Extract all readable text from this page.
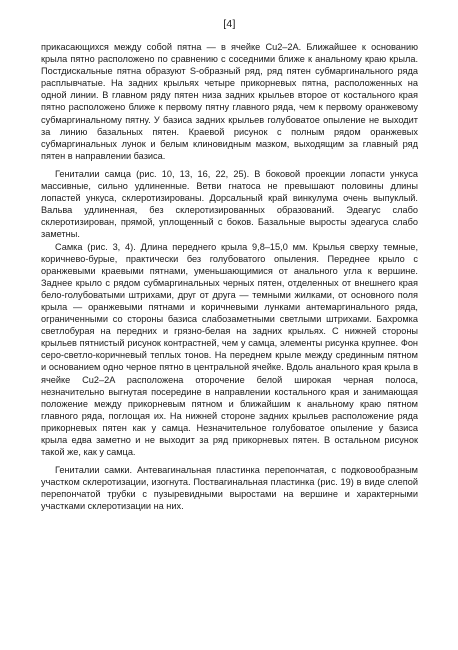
[4]

прикасающихся между собой пятна — в ячейке Cu2–2A. Ближайшее к основанию крыла пятно расположено по сравнению с соседними ближе к анальному краю крыла. Постдискальные пятна образуют S-образный ряд, ряд пятен субмаргинального ряда расплывчатые. На задних крыльях четыре прикорневых пятна, расположенных на одной линии. В главном ряду пятен низа задних крыльев второе от костального края пятно расположено ближе к первому пятну главного ряда, чем к первому оранжевому субмаргинальному пятну. У базиса задних крыльев голубоватое опыление не выходит за линию базальных пятен. Краевой рисунок с полным рядом оранжевых субмаргинальных лунок и белым клиновидным мазком, выходящим за главный ряд пятен в направлении базиса.

Гениталии самца (рис. 10, 13, 16, 22, 25). В боковой проекции лопасти ункуса массивные, сильно удлиненные. Ветви гнатоса не превышают половины длины лопастей ункуса, склеротизированы. Дорсальный край винкулума очень выпуклый. Вальва удлиненная, без склеротизированных образований. Эдеагус слабо склеротизирован, прямой, уплощенный с боков. Базальные выросты эдеагуса слабо заметны.

Самка (рис. 3, 4). Длина переднего крыла 9,8–15,0 мм. Крылья сверху темные, коричнево-бурые, практически без голубоватого опыления. Переднее крыло с оранжевыми краевыми пятнами, уменьшающимися от анального угла к вершине. Заднее крыло с рядом субмаргинальных черных пятен, отделенных от внешнего края бело-голубоватыми штрихами, друг от друга — темными жилками, от основного поля крыла — оранжевыми пятнами и коричневыми лунками антемаргинального ряда, ограниченными со стороны базиса слабозаметными светлыми штрихами. Бахромка светлобурая на передних и грязно-белая на задних крыльях. С нижней стороны крыльев пятнистый рисунок контрастней, чем у самца, элементы рисунка крупнее. Фон серо-светло-коричневый теплых тонов. На переднем крыле между срединным пятном и основанием одно черное пятно в центральной ячейке. Вдоль анального края крыла в ячейке Cu2–2A расположена оторочение белой широкая черная полоса, незначительно выгнутая посередине в направлении костального края и занимающая положение между прикорневым пятном и ближайшим к анальному краю пятном главного ряда, поглощая их. На нижней стороне задних крыльев расположение ряда прикорневых пятен как у самца. Незначительное голубоватое опыление у базиса крыла едва заметно и не выходит за ряд прикорневых пятен. В остальном рисунок такой же, как у самца.

Гениталии самки. Антевагинальная пластинка перепончатая, с подковообразным участком склеротизации, изогнута. Поствагинальная пластинка (рис. 19) в виде слепой перепончатой трубки с пузыревидными выростами на вершине и характерными участками склеротизации на них.
